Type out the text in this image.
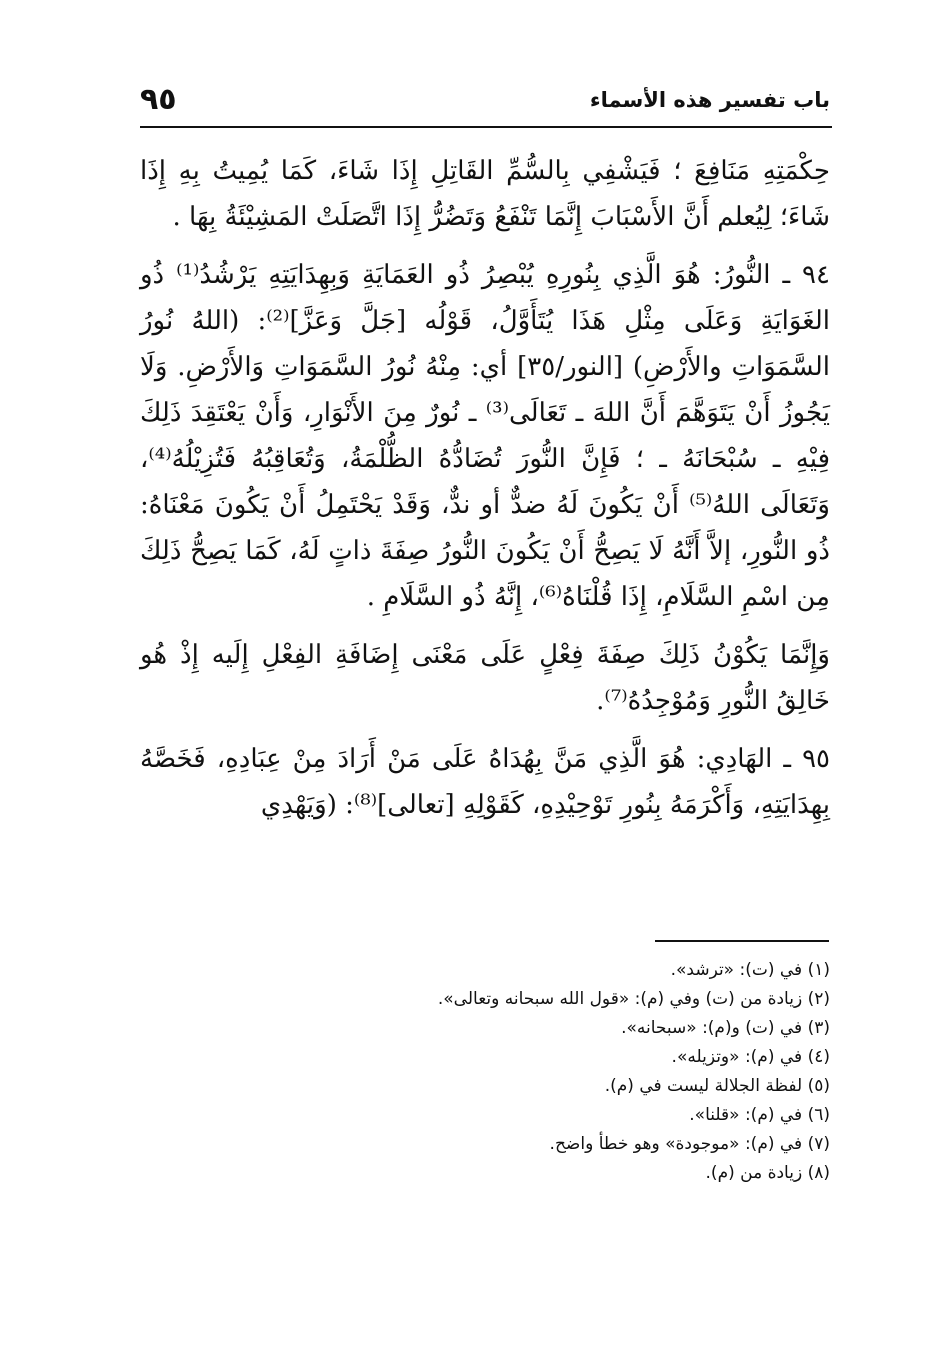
باب تفسير هذه الأسماء
٩٥

حِكْمَتِهِ مَنَافِعَ ؛ فَيَشْفِي بِالسُّمِّ القَاتِلِ إِذَا شَاءَ، كَمَا يُمِيتُ بِهِ إِذَا شَاءَ؛ لِيُعلم أَنَّ الأَسْبَابَ إِنَّمَا تَنْفَعُ وَتَضُرُّ إِذَا اتَّصَلَتْ المَشِيْئَةُ بِهَا .

٩٤ ـ النُّورُ: هُوَ الَّذِي بِنُورِهِ يُبْصِرُ ذُو العَمَايَةِ وَبِهِدَايَتِهِ يَرْشُدُ⁽¹⁾ ذُو الغَوَايَةِ وَعَلَى مِثْلِ هَذَا يُتَأَوَّلُ، قَوْلُه [جَلَّ وَعَزَّ]⁽²⁾: (اللهُ نُورُ السَّمَوَاتِ والأَرْضِ) [النور/٣٥] أي: مِنْهُ نُورُ السَّمَوَاتِ وَالأَرْضِ. وَلَا يَجُوزُ أَنْ يَتَوَهَّمَ أَنَّ اللهَ ـ تَعَالَى⁽³⁾ ـ نُورٌ مِنَ الأَنْوَارِ، وَأَنْ يَعْتَقِدَ ذَلِكَ فِيْهِ ـ سُبْحَانَهُ ـ ؛ فَإِنَّ النُّورَ تُضَادُّهُ الظُّلْمَةُ، وَتُعَاقِبُهُ فَتُزِيْلُهُ⁽⁴⁾، وَتَعَالَى اللهُ⁽⁵⁾ أَنْ يَكُونَ لَهُ ضدٌّ أو ندٌّ، وَقَدْ يَحْتَمِلُ أَنْ يَكُونَ مَعْنَاهُ: ذُو النُّورِ، إلاَّ أَنَّهُ لَا يَصِحُّ أَنْ يَكُونَ النُّورُ صِفَةَ ذاتٍ لَهُ، كَمَا يَصِحُّ ذَلِكَ مِن اسْمِ السَّلَامِ، إِذَا قُلْنَاهُ⁽⁶⁾، إِنَّهُ ذُو السَّلَامِ .

وَإِنَّمَا يَكُوْنُ ذَلِكَ صِفَةَ فِعْلٍ عَلَى مَعْنَى إِضَافَةِ الفِعْلِ إِلَيه إِذْ هُو خَالِقُ النُّورِ وَمُوْجِدُهُ⁽⁷⁾.

٩٥ ـ الهَادِي: هُوَ الَّذِي مَنَّ بِهُدَاهُ عَلَى مَنْ أَرَادَ مِنْ عِبَادِهِ، فَخَصَّهُ بِهِدَايَتِهِ، وَأَكْرَمَهُ بِنُورِ تَوْحِيْدِهِ، كَقَوْلِهِ [تعالى]⁽⁸⁾: (وَيَهْدِي

(١) في (ت): «ترشد».

(٢) زيادة من (ت) وفي (م): «قول الله سبحانه وتعالى».

(٣) في (ت) و(م): «سبحانه».

(٤) في (م): «وتزيله».

(٥) لفظة الجلالة ليست في (م).

(٦) في (م): «قلنا».

(٧) في (م): «موجودة» وهو خطأ واضح.

(٨) زيادة من (م).
